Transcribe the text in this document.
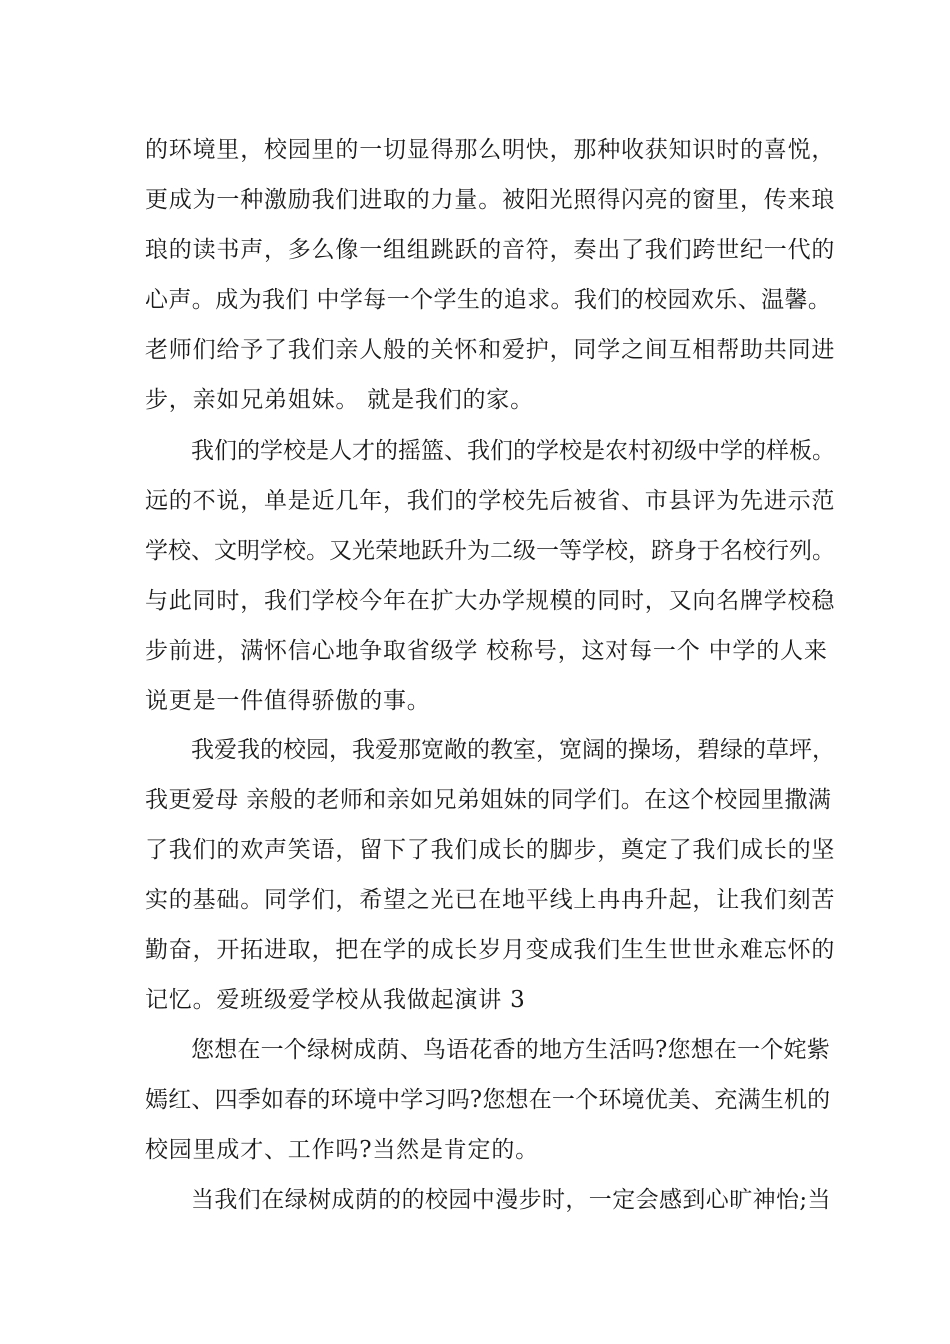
的环境里，校园里的一切显得那么明快，那种收获知识时的喜悦，

更成为一种激励我们进取的力量。被阳光照得闪亮的窗里，传来琅

琅的读书声，多么像一组组跳跃的音符，奏出了我们跨世纪一代的

心声。成为我们 中学每一个学生的追求。我们的校园欢乐、温馨。

老师们给予了我们亲人般的关怀和爱护，同学之间互相帮助共同进

步，亲如兄弟姐妹。 就是我们的家。

我们的学校是人才的摇篮、我们的学校是农村初级中学的样板。

远的不说，单是近几年，我们的学校先后被省、市县评为先进示范

学校、文明学校。又光荣地跃升为二级一等学校，跻身于名校行列。

与此同时，我们学校今年在扩大办学规模的同时，又向名牌学校稳

步前进，满怀信心地争取省级学 校称号，这对每一个 中学的人来

说更是一件值得骄傲的事。

我爱我的校园，我爱那宽敞的教室，宽阔的操场，碧绿的草坪，

我更爱母 亲般的老师和亲如兄弟姐妹的同学们。在这个校园里撒满

了我们的欢声笑语，留下了我们成长的脚步，奠定了我们成长的坚

实的基础。同学们，希望之光已在地平线上冉冉升起，让我们刻苦

勤奋，开拓进取，把在学的成长岁月变成我们生生世世永难忘怀的

记忆。爱班级爱学校从我做起演讲 3

您想在一个绿树成荫、鸟语花香的地方生活吗?您想在一个姹紫

嫣红、四季如春的环境中学习吗?您想在一个环境优美、充满生机的

校园里成才、工作吗?当然是肯定的。

当我们在绿树成荫的的校园中漫步时，一定会感到心旷神怡;当
